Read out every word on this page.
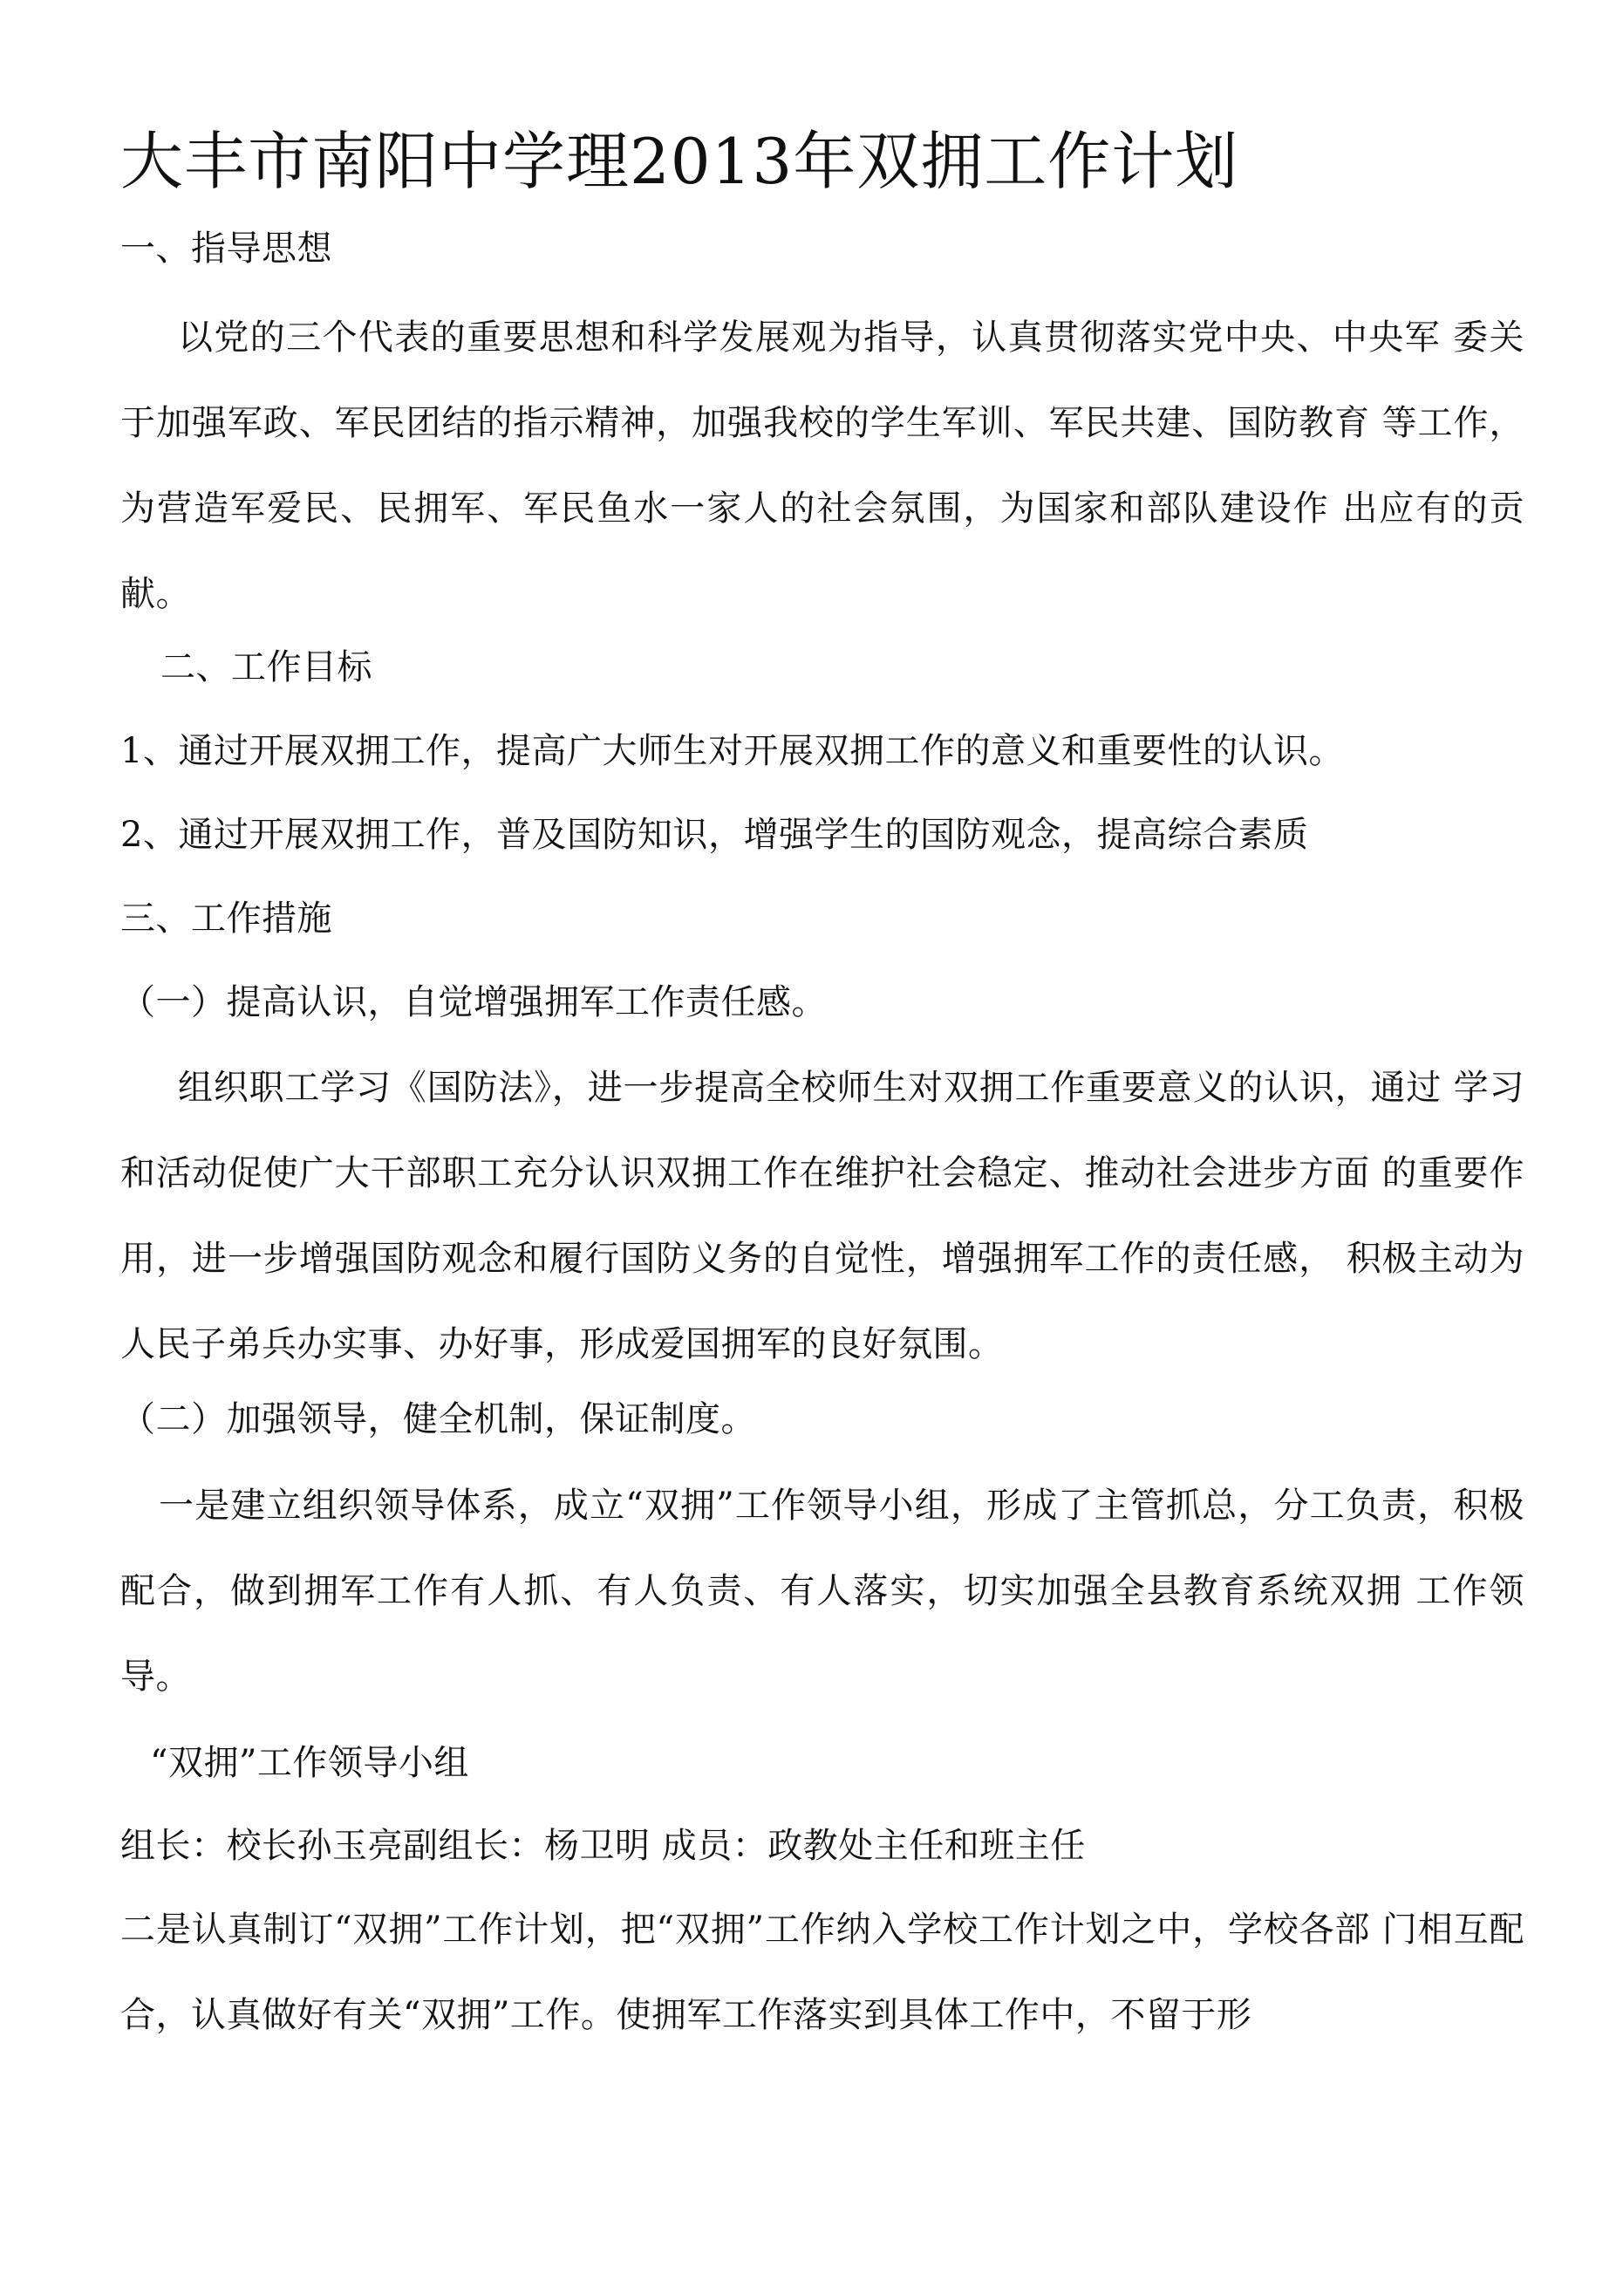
大丰市南阳中学理2013年双拥工作计划
一、指导思想
以党的三个代表的重要思想和科学发展观为指导，认真贯彻落实党中央、中央军 委关于加强军政、军民团结的指示精神，加强我校的学生军训、军民共建、国防教育 等工作，为营造军爱民、民拥军、军民鱼水一家人的社会氛围，为国家和部队建设作 出应有的贡献。
二、工作目标
1、通过开展双拥工作，提高广大师生对开展双拥工作的意义和重要性的认识。
2、通过开展双拥工作，普及国防知识，增强学生的国防观念，提高综合素质
三、工作措施
（一）提高认识，自觉增强拥军工作责任感。
组织职工学习《国防法》，进一步提高全校师生对双拥工作重要意义的认识，通过 学习和活动促使广大干部职工充分认识双拥工作在维护社会稳定、推动社会进步方面 的重要作用，进一步增强国防观念和履行国防义务的自觉性，增强拥军工作的责任感， 积极主动为人民子弟兵办实事、办好事，形成爱国拥军的良好氛围。
（二）加强领导，健全机制，保证制度。
一是建立组织领导体系，成立“双拥”工作领导小组，形成了主管抓总，分工负责，积极配合，做到拥军工作有人抓、有人负责、有人落实，切实加强全县教育系统双拥 工作领导。
“双拥”工作领导小组
组长：校长孙玉亮副组长：杨卫明 成员：政教处主任和班主任
二是认真制订“双拥”工作计划，把“双拥”工作纳入学校工作计划之中，学校各部 门相互配合，认真做好有关“双拥”工作。使拥军工作落实到具体工作中，不留于形
